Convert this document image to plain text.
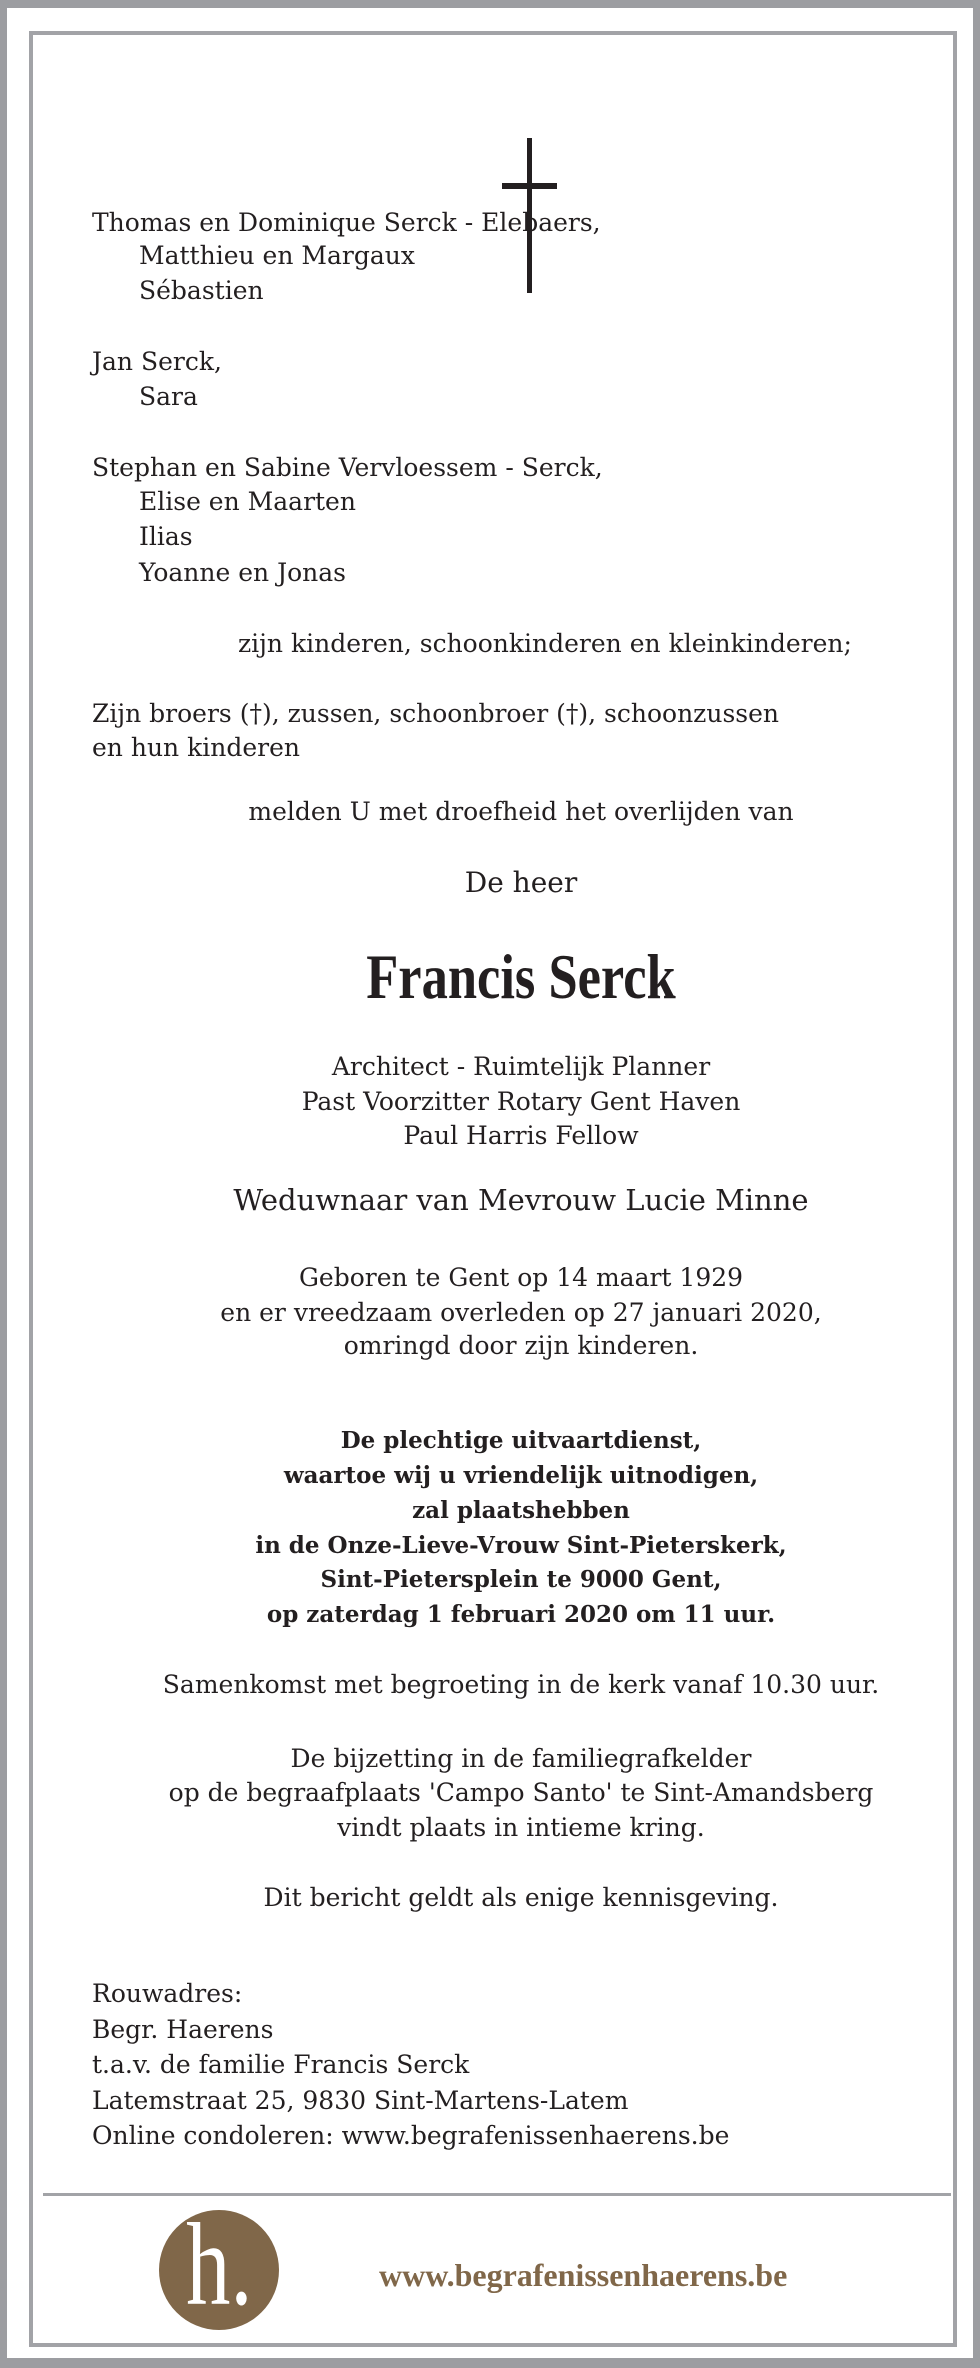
Thomas en Dominique Serck - Elebaers,
Matthieu en Margaux
Sébastien
Jan Serck,
Sara
Stephan en Sabine Vervloessem - Serck,
Elise en Maarten
Ilias
Yoanne en Jonas
zijn kinderen, schoonkinderen en kleinkinderen;
Zijn broers (†), zussen, schoonbroer (†), schoonzussen
en hun kinderen
melden U met droefheid het overlijden van
De heer
Francis Serck
Architect - Ruimtelijk Planner
Past Voorzitter Rotary Gent Haven
Paul Harris Fellow
Weduwnaar van Mevrouw Lucie Minne
Geboren te Gent op 14 maart 1929
en er vreedzaam overleden op 27 januari 2020,
omringd door zijn kinderen.
De plechtige uitvaartdienst,
waartoe wij u vriendelijk uitnodigen,
zal plaatshebben
in de Onze-Lieve-Vrouw Sint-Pieterskerk,
Sint-Pietersplein te 9000 Gent,
op zaterdag 1 februari 2020 om 11 uur.
Samenkomst met begroeting in de kerk vanaf 10.30 uur.
De bijzetting in de familiegrafkelder
op de begraafplaats 'Campo Santo' te Sint-Amandsberg
vindt plaats in intieme kring.
Dit bericht geldt als enige kennisgeving.
Rouwadres:
Begr. Haerens
t.a.v. de familie Francis Serck
Latemstraat 25, 9830 Sint-Martens-Latem
Online condoleren: www.begrafenissenhaerens.be
h.	www.begrafenissenhaerens.be
